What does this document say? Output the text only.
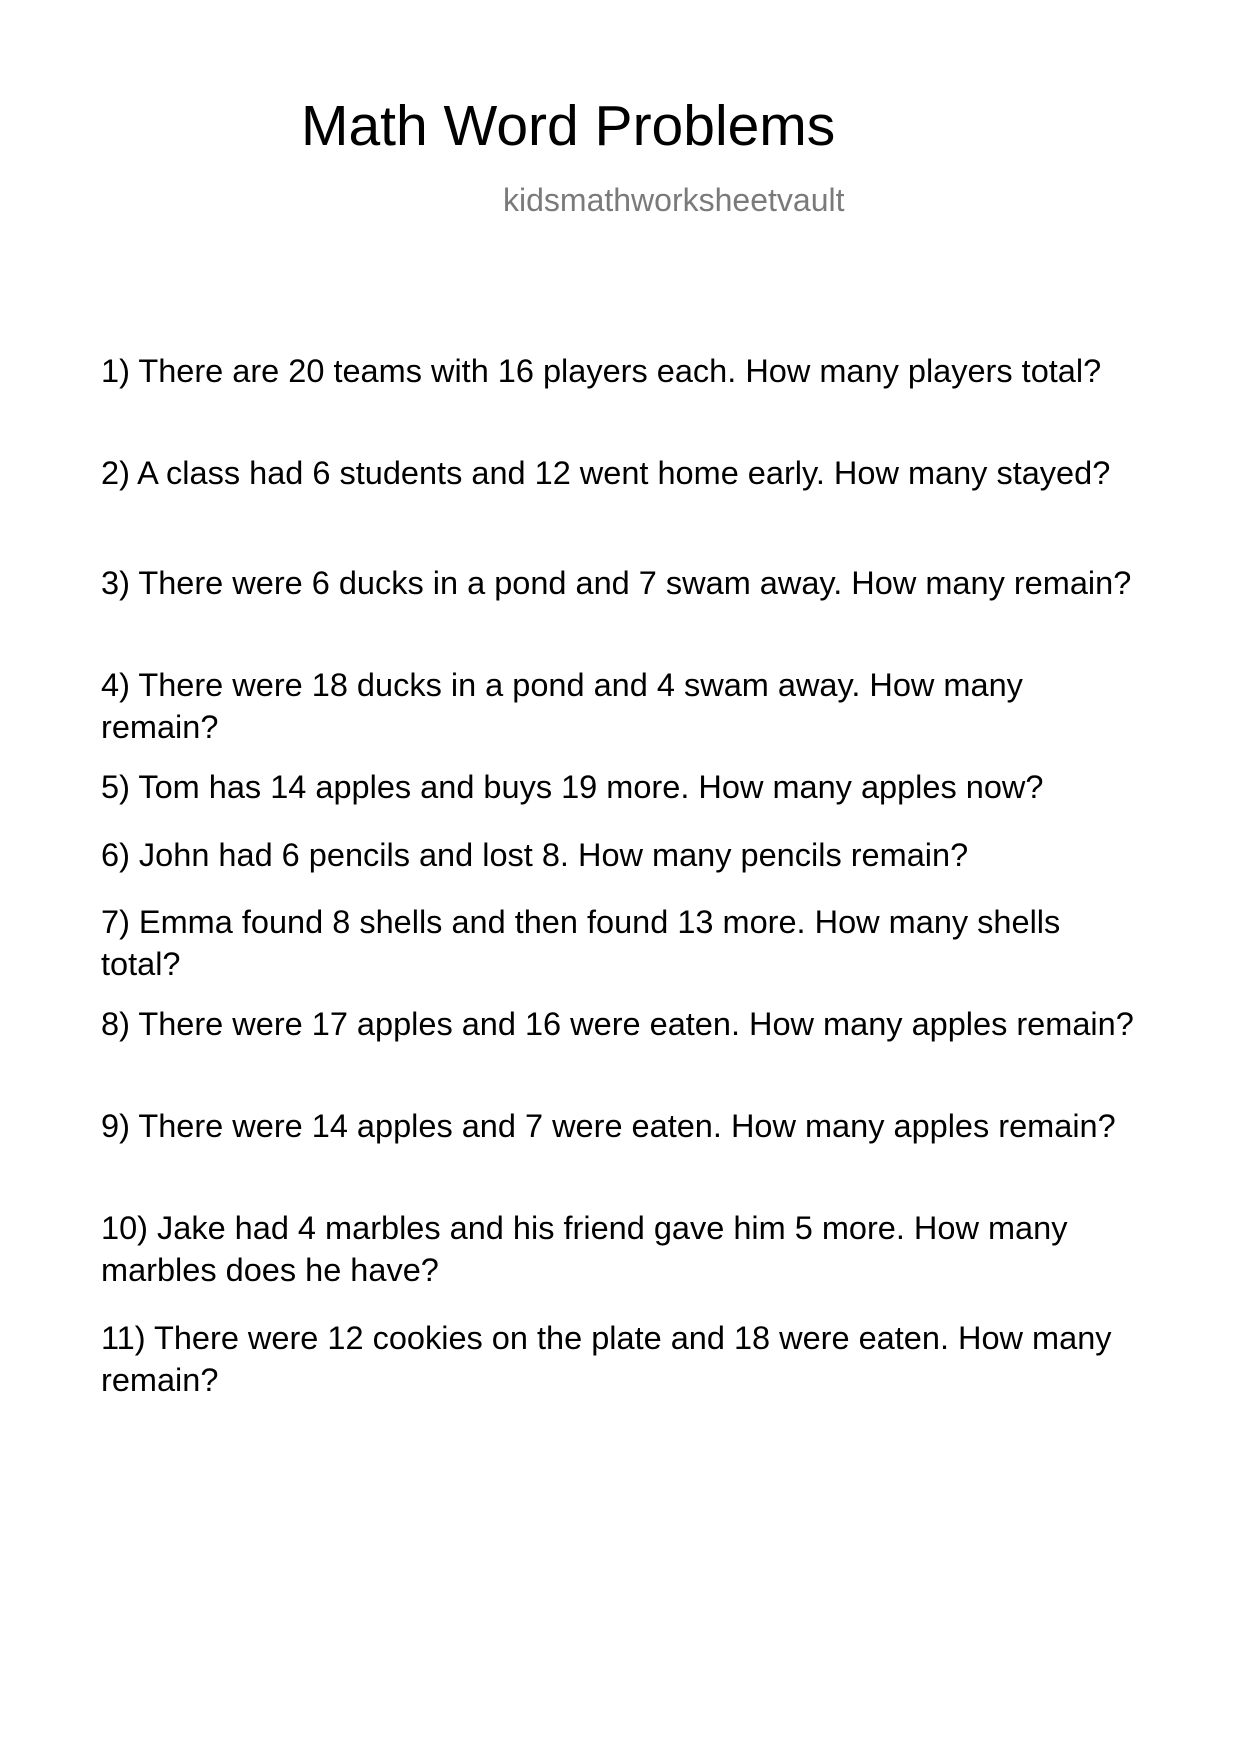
Math Word Problems
kidsmathworksheetvault

1) There are 20 teams with 16 players each. How many players total?

2) A class had 6 students and 12 went home early. How many stayed?

3) There were 6 ducks in a pond and 7 swam away. How many remain?

4) There were 18 ducks in a pond and 4 swam away. How many remain?

5) Tom has 14 apples and buys 19 more. How many apples now?

6) John had 6 pencils and lost 8. How many pencils remain?

7) Emma found 8 shells and then found 13 more. How many shells total?

8) There were 17 apples and 16 were eaten. How many apples remain?

9) There were 14 apples and 7 were eaten. How many apples remain?

10) Jake had 4 marbles and his friend gave him 5 more. How many marbles does he have?

11) There were 12 cookies on the plate and 18 were eaten. How many remain?
